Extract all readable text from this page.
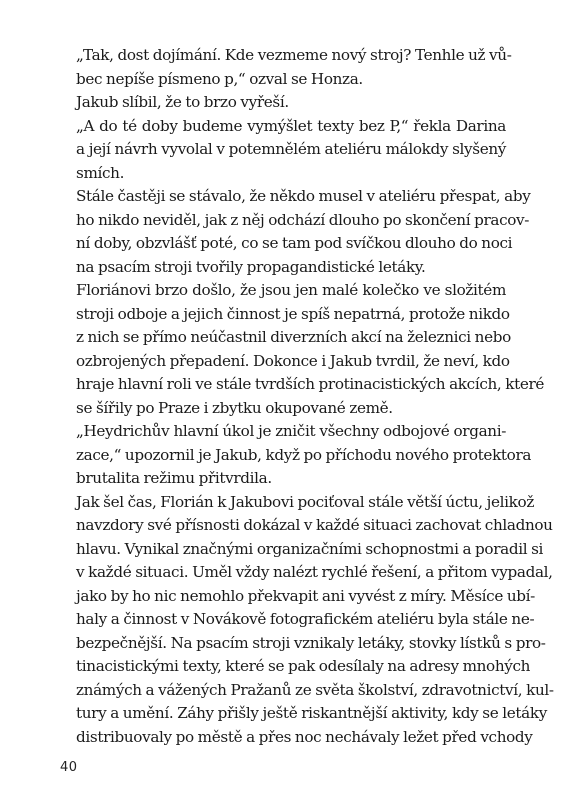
„Tak, dost dojímání. Kde vezmeme nový stroj? Tenhle už vů-
bec nepíše písmeno p,“ ozval se Honza.

Jakub slíbil, že to brzo vyřeší.

„A do té doby budeme vymýšlet texty bez P,“ řekla Darina
a její návrh vyvolal v potemnělém ateliéru málokdy slyšený
smích.

Stále častěji se stávalo, že někdo musel v ateliéru přespat, aby
ho nikdo neviděl, jak z něj odchází dlouho po skončení pracov-
ní doby, obzvlášť poté, co se tam pod svíčkou dlouho do noci
na psacím stroji tvořily propagandistické letáky.

Floriánovi brzo došlo, že jsou jen malé kolečko ve složitém
stroji odboje a jejich činnost je spíš nepatrná, protože nikdo
z nich se přímo neúčastnil diverzních akcí na železnici nebo
ozbrojených přepadení. Dokonce i Jakub tvrdil, že neví, kdo
hraje hlavní roli ve stále tvrdších protinacistických akcích, které
se šířily po Praze i zbytku okupované země.

„Heydrichův hlavní úkol je zničit všechny odbojové organi-
zace,“ upozornil je Jakub, když po příchodu nového protektora
brutalita režimu přitvrdila.

Jak šel čas, Florián k Jakubovi pociťoval stále větší úctu, jelikož
navzdory své přísnosti dokázal v každé situaci zachovat chladnou
hlavu. Vynikal značnými organizačními schopnostmi a poradil si
v každé situaci. Uměl vždy nalézt rychlé řešení, a přitom vypadal,
jako by ho nic nemohlo překvapit ani vyvést z míry. Měsíce ubí-
haly a činnost v Novákově fotografickém ateliéru byla stále ne-
bezpečnější. Na psacím stroji vznikaly letáky, stovky lístků s pro-
tinacistickými texty, které se pak odesílaly na adresy mnohých
známých a vážených Pražanů ze světa školství, zdravotnictví, kul-
tury a umění. Záhy přišly ještě riskantnější aktivity, kdy se letáky
distribuovaly po městě a přes noc nechávaly ležet před vchody

40
